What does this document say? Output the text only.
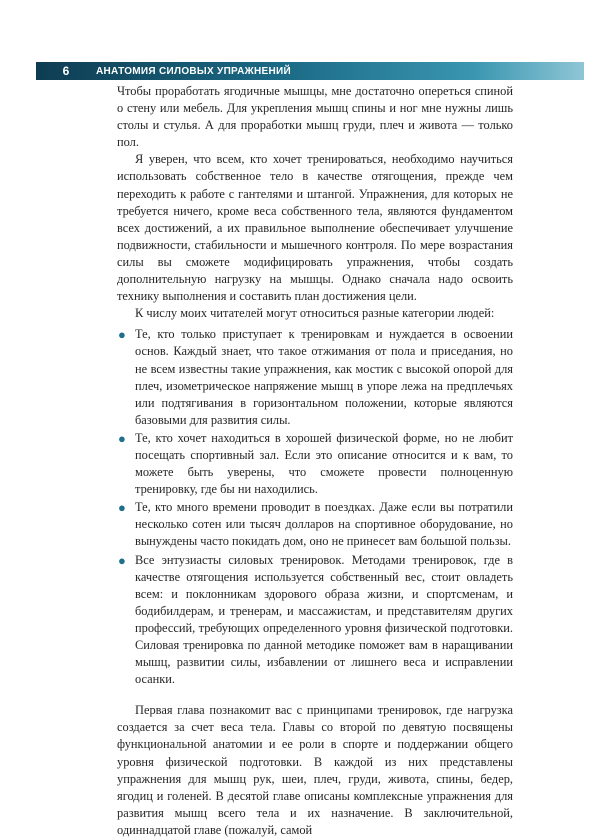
6	АНАТОМИЯ СИЛОВЫХ УПРАЖНЕНИЙ

Чтобы проработать ягодичные мышцы, мне достаточно опереться спиной о стену или мебель. Для укрепления мышц спины и ног мне нужны лишь столы и стулья. А для проработки мышц груди, плеч и живота — только пол.

Я уверен, что всем, кто хочет тренироваться, необходимо научиться использовать собственное тело в качестве отягощения, прежде чем переходить к работе с гантелями и штангой. Упражнения, для которых не требуется ничего, кроме веса собственного тела, являются фундаментом всех достижений, а их правильное выполнение обеспечивает улучшение подвижности, стабильности и мышечного контроля. По мере возрастания силы вы сможете модифицировать упражнения, чтобы создать дополнительную нагрузку на мышцы. Однако сначала надо освоить технику выполнения и составить план достижения цели.

К числу моих читателей могут относиться разные категории людей:

● Те, кто только приступает к тренировкам и нуждается в освоении основ. Каждый знает, что такое отжимания от пола и приседания, но не всем известны такие упражнения, как мостик с высокой опорой для плеч, изометрическое напряжение мышц в упоре лежа на предплечьях или подтягивания в горизонтальном положении, которые являются базовыми для развития силы.
● Те, кто хочет находиться в хорошей физической форме, но не любит посещать спортивный зал. Если это описание относится и к вам, то можете быть уверены, что сможете провести полноценную тренировку, где бы ни находились.
● Те, кто много времени проводит в поездках. Даже если вы потратили несколько сотен или тысяч долларов на спортивное оборудование, но вынуждены часто покидать дом, оно не принесет вам большой пользы.
● Все энтузиасты силовых тренировок. Методами тренировок, где в качестве отягощения используется собственный вес, стоит овладеть всем: и поклонникам здорового образа жизни, и спортсменам, и бодибилдерам, и тренерам, и массажистам, и представителям других профессий, требующих определенного уровня физической подготовки. Силовая тренировка по данной методике поможет вам в наращивании мышц, развитии силы, избавлении от лишнего веса и исправлении осанки.

Первая глава познакомит вас с принципами тренировок, где нагрузка создается за счет веса тела. Главы со второй по девятую посвящены функциональной анатомии и ее роли в спорте и поддержании общего уровня физической подготовки. В каждой из них представлены упражнения для мышц рук, шеи, плеч, груди, живота, спины, бедер, ягодиц и голеней. В десятой главе описаны комплексные упражнения для развития мышц всего тела и их назначение. В заключительной, одиннадцатой главе (пожалуй, самой
